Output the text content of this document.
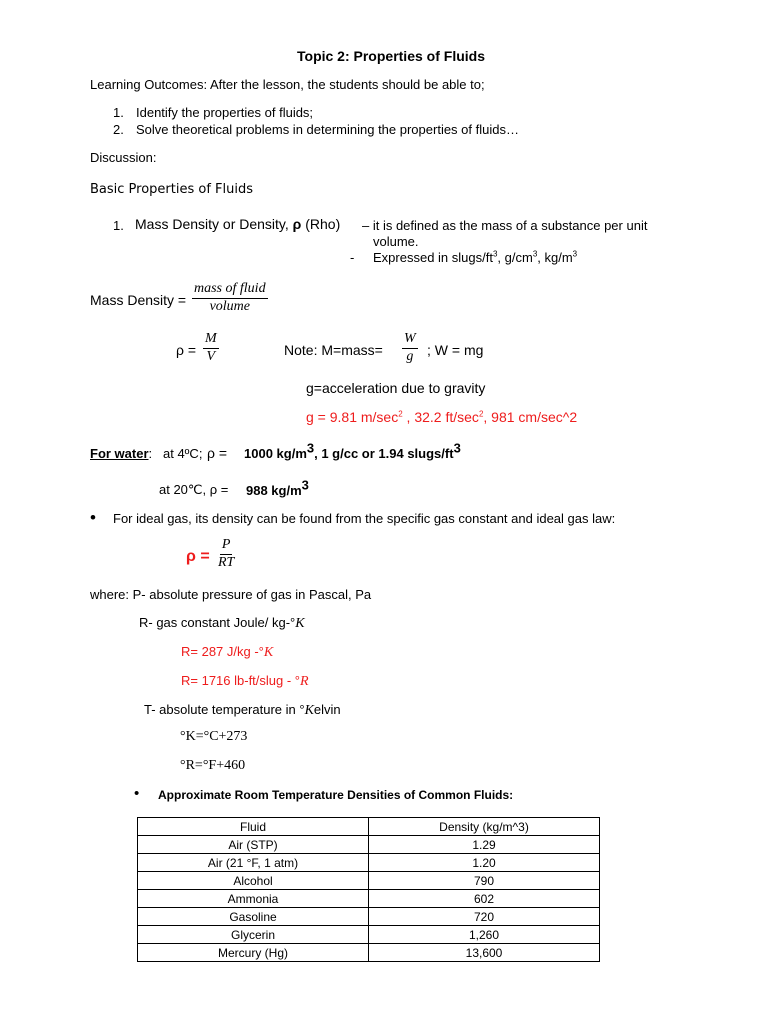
Topic 2: Properties of Fluids
Learning Outcomes: After the lesson, the students should be able to;
1. Identify the properties of fluids;
2. Solve theoretical problems in determining the properties of fluids…
Discussion:
Basic Properties of Fluids
1. Mass Density or Density, ρ (Rho) – it is defined as the mass of a substance per unit
volume.
- Expressed in slugs/$ft^3$, $g/cm^3$, $kg/m^3$
Mass Density = $\frac{\text{mass of fluid}}{\text{volume}}$
$\rho = \frac{M}{V}$	Note: M=mass= $\frac{W}{g}$ ; W = mg
g=acceleration due to gravity
g = 9.81 $m/\sec^2$ , 32.2 $ft/\sec^2$, 981 cm/sec^2
For water: at 4ºC; ρ = 1000 kg/m3, 1 g/cc or 1.94 slugs/ft3
at 20℃, ρ = 988 kg/m3
• For ideal gas, its density can be found from the specific gas constant and ideal gas law:
$\rho = \frac{P}{RT}$
where: P- absolute pressure of gas in Pascal, Pa
R- gas constant Joule/ kg-°K
R= 287 J/kg -°K
R= 1716 lb-ft/slug - °R
T- absolute temperature in °Kelvin
°K=°C+273
°R=°F+460
• Approximate Room Temperature Densities of Common Fluids:
Fluid	Density (kg/m^3)
Air (STP)	1.29
Air (21 °F, 1 atm)	1.20
Alcohol	790
Ammonia	602
Gasoline	720
Glycerin	1,260
Mercury (Hg)	13,600
